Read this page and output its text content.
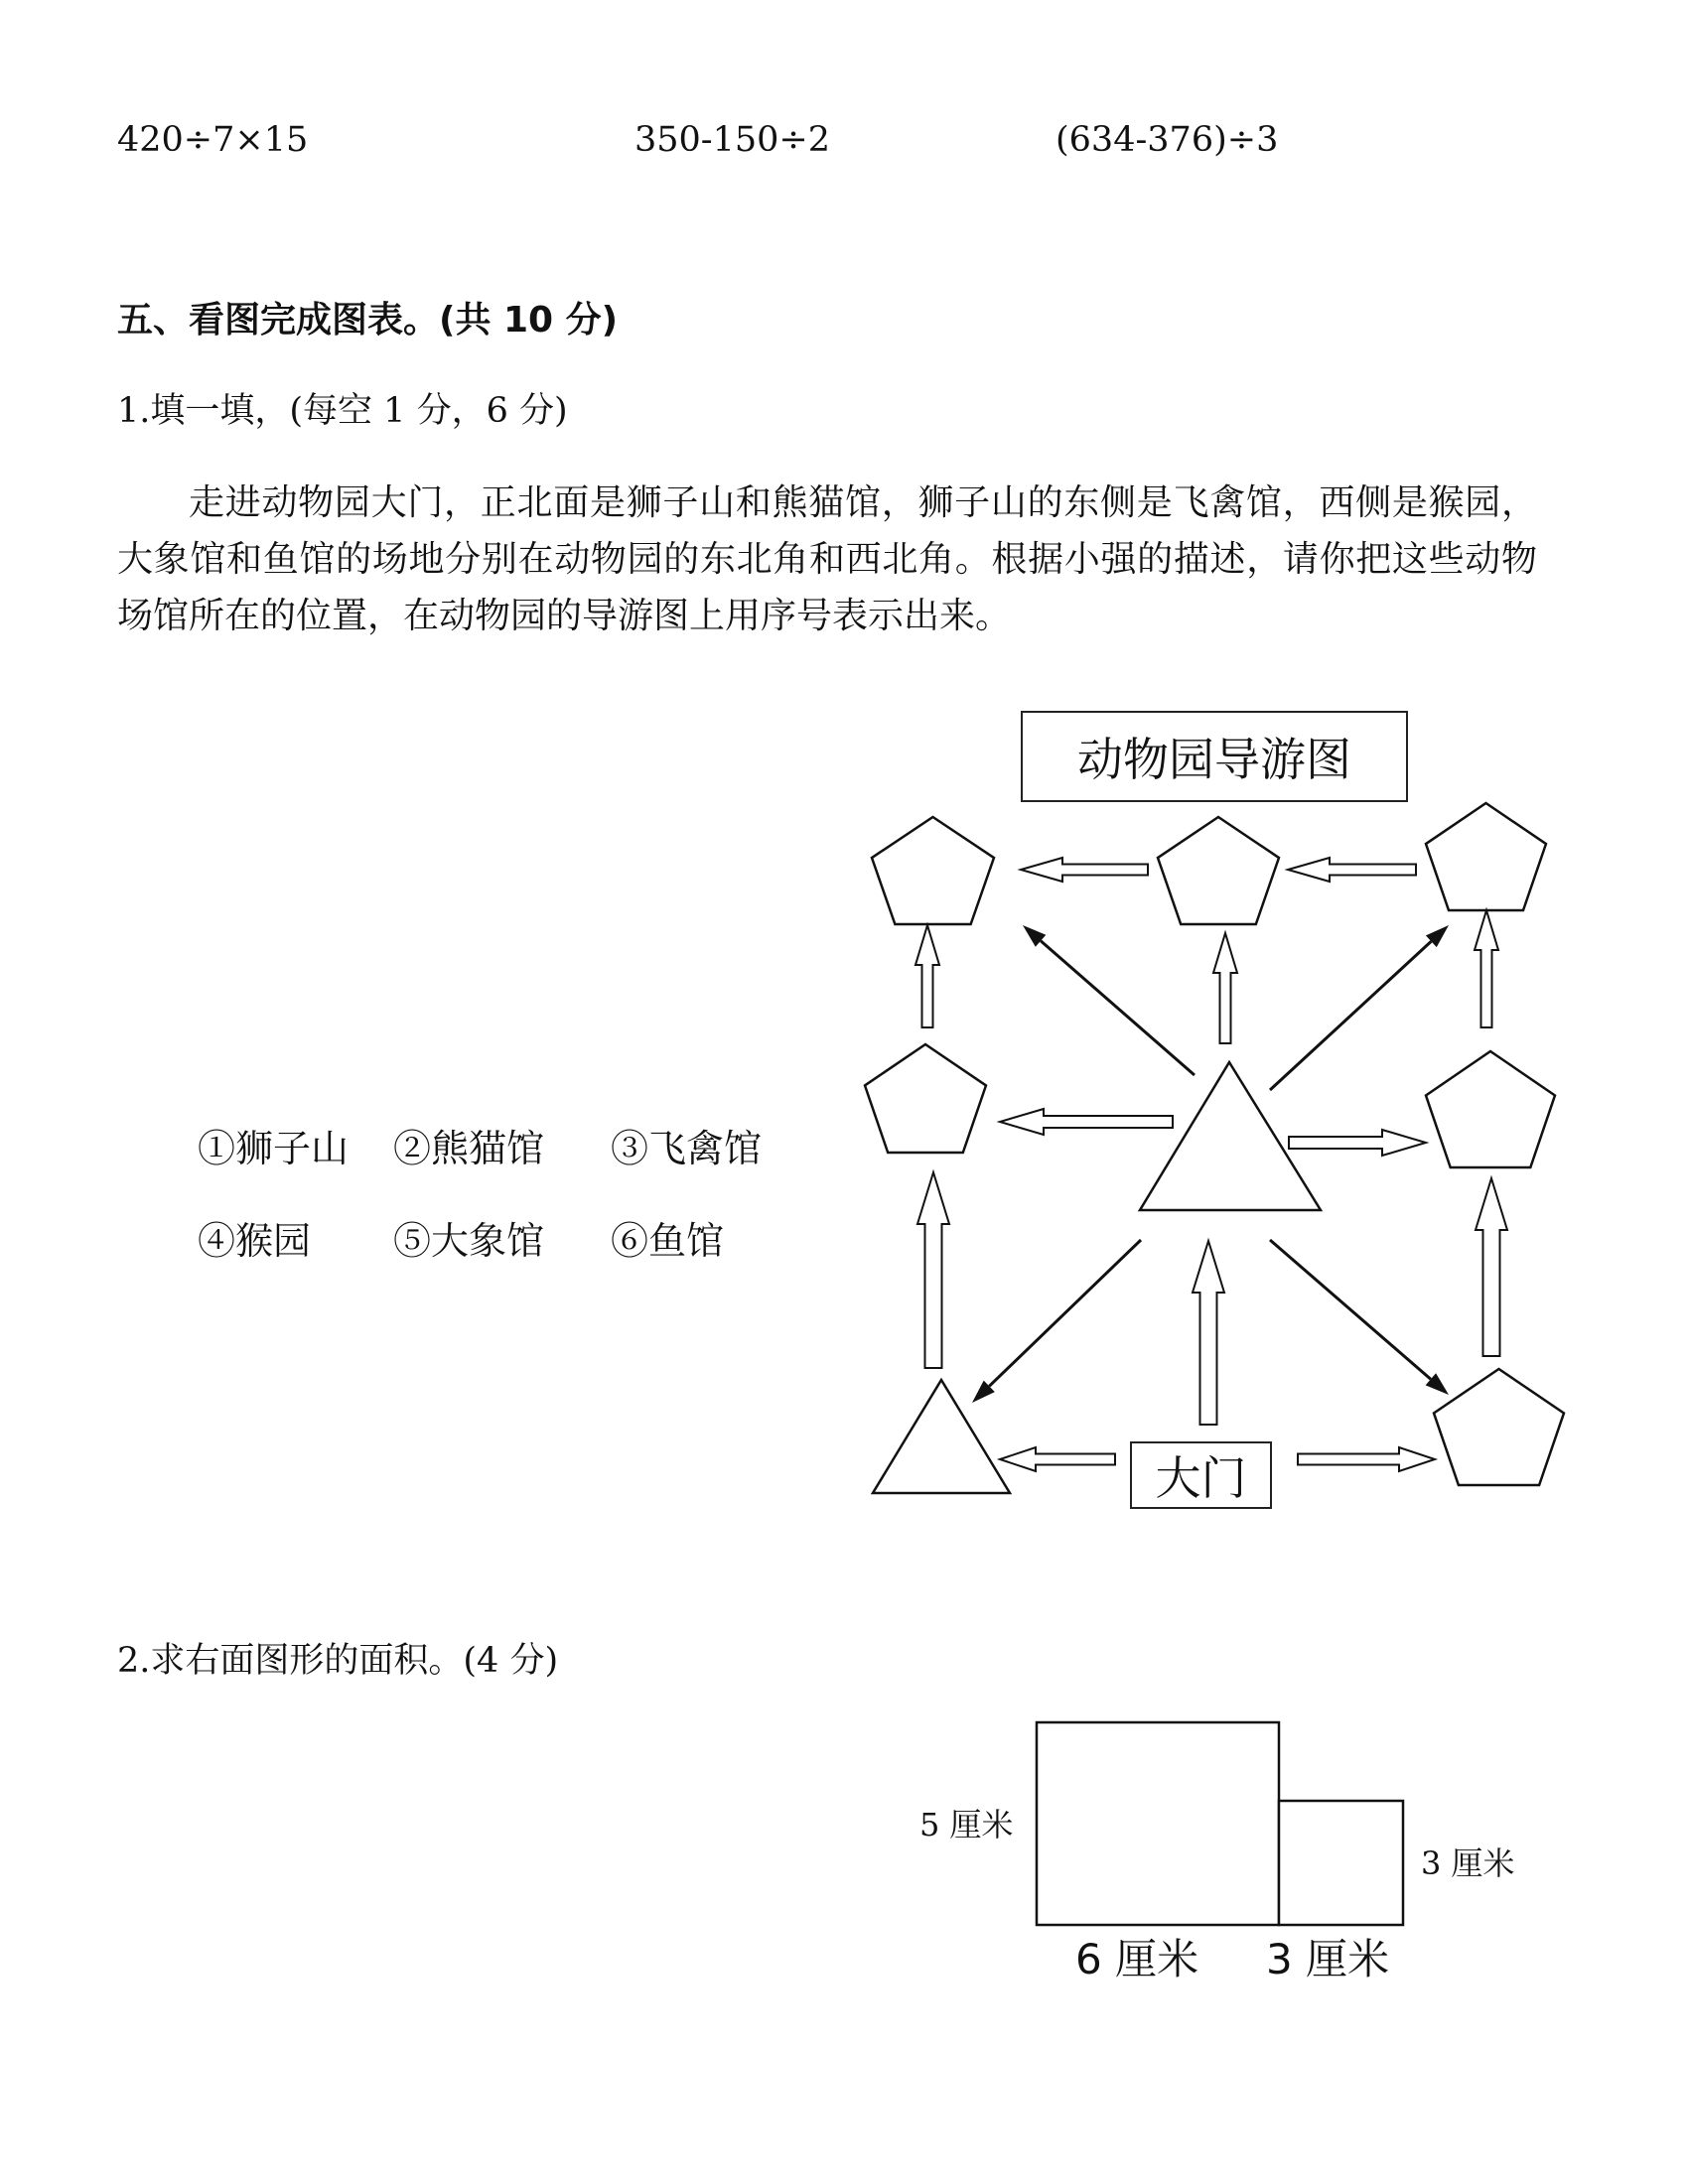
420÷7×15	350-150÷2	(634-376)÷3
五、看图完成图表。(共 10 分)
1.填一填，(每空 1 分，6 分)
走进动物园大门，正北面是狮子山和熊猫馆，狮子山的东侧是飞禽馆，西侧是猴园，大象馆和鱼馆的场地分别在动物园的东北角和西北角。根据小强的描述，请你把这些动物场馆所在的位置，在动物园的导游图上用序号表示出来。
①狮子山 ②熊猫馆 ③飞禽馆
④猴园 ⑤大象馆 ⑥鱼馆
动物园导游图
大门
2.求右面图形的面积。(4 分)
5 厘米
3 厘米
6 厘米 3 厘米
